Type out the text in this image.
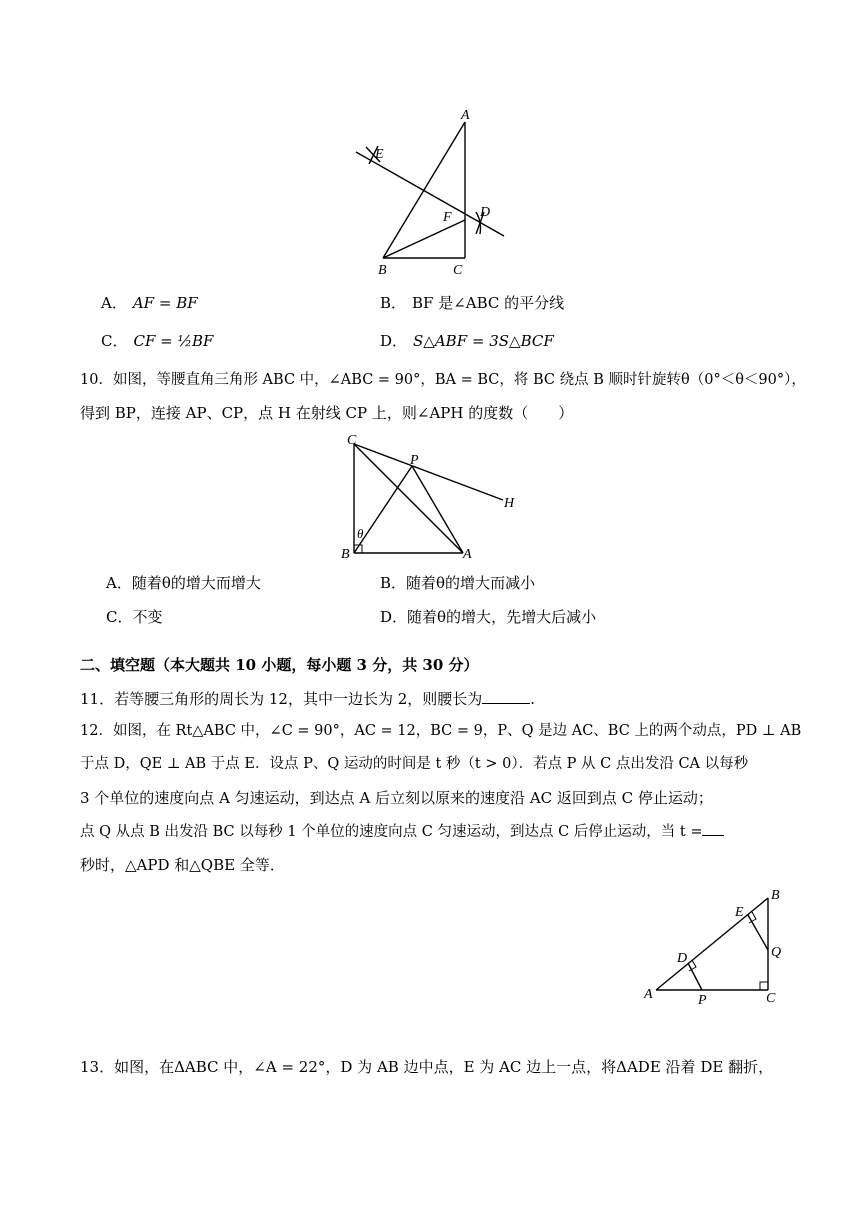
A
E
F D
B	C
A． AF = BF	B． BF 是∠ABC 的平分线
C． CF = ½BF	D． S△ABF = 3S△BCF
10．如图，等腰直角三角形 ABC 中，∠ABC = 90°，BA = BC，将 BC 绕点 B 顺时针旋转θ（0°＜θ＜90°），
得到 BP，连接 AP、CP，点 H 在射线 CP 上，则∠APH 的度数（　　）
C
P
H
θ
B	A
A．随着θ的增大而增大	B．随着θ的增大而减小
C．不变	D．随着θ的增大，先增大后减小
二、填空题（本大题共 10 小题，每小题 3 分，共 30 分）
11．若等腰三角形的周长为 12，其中一边长为 2，则腰长为	.
12．如图，在 Rt△ABC 中，∠C = 90°，AC = 12，BC = 9，P、Q 是边 AC、BC 上的两个动点，PD ⊥ AB
于点 D，QE ⊥ AB 于点 E．设点 P、Q 运动的时间是 t 秒（t > 0）．若点 P 从 C 点出发沿 CA 以每秒
3 个单位的速度向点 A 匀速运动，到达点 A 后立刻以原来的速度沿 AC 返回到点 C 停止运动；
点 Q 从点 B 出发沿 BC 以每秒 1 个单位的速度向点 C 匀速运动，到达点 C 后停止运动，当 t =
秒时，△APD 和△QBE 全等．
B
E
Q
D
A	P	C
13．如图，在ΔABC 中，∠A = 22°，D 为 AB 边中点，E 为 AC 边上一点，将ΔADE 沿着 DE 翻折，
